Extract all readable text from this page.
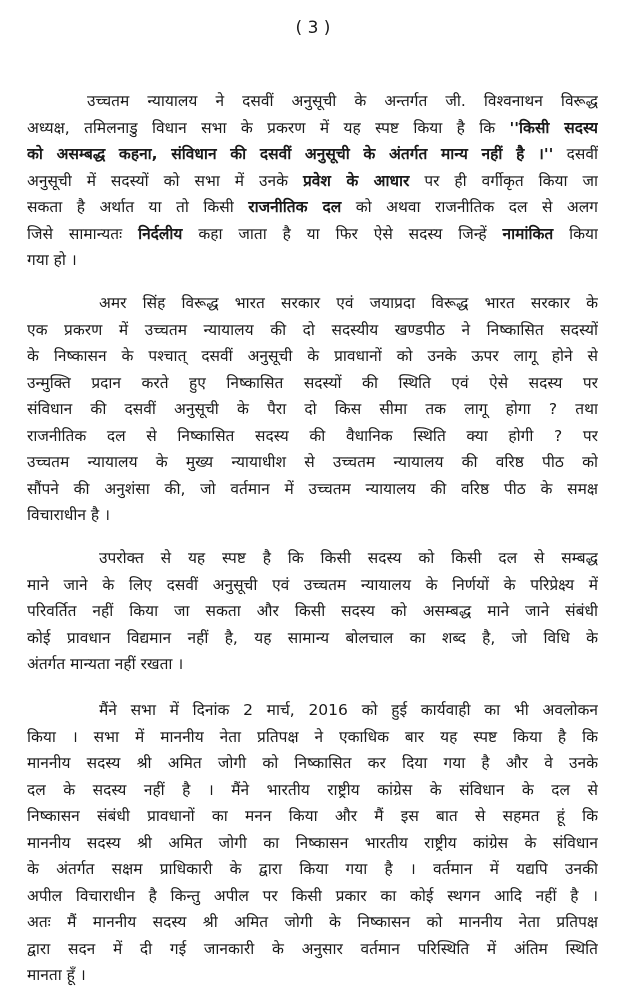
( 3 )
उच्चतम न्यायालय ने दसवीं अनुसूची के अन्तर्गत जी. विश्वनाथन विरूद्ध
अध्यक्ष, तमिलनाडु विधान सभा के प्रकरण में यह स्पष्ट किया है कि ''किसी सदस्य
को असम्बद्ध कहना, संविधान की दसवीं अनुसूची के अंतर्गत मान्य नहीं है ।'' दसवीं
अनुसूची में सदस्यों को सभा में उनके प्रवेश के आधार पर ही वर्गीकृत किया जा
सकता है अर्थात या तो किसी राजनीतिक दल को अथवा राजनीतिक दल से अलग
जिसे सामान्यतः निर्दलीय कहा जाता है या फिर ऐसे सदस्य जिन्हें नामांकित किया
गया हो ।
अमर सिंह विरूद्ध भारत सरकार एवं जयाप्रदा विरूद्ध भारत सरकार के
एक प्रकरण में उच्चतम न्यायालय की दो सदस्यीय खण्डपीठ ने निष्कासित सदस्यों
के निष्कासन के पश्चात् दसवीं अनुसूची के प्रावधानों को उनके ऊपर लागू होने से
उन्मुक्ति प्रदान करते हुए निष्कासित सदस्यों की स्थिति एवं ऐसे सदस्य पर
संविधान की दसवीं अनुसूची के पैरा दो किस सीमा तक लागू होगा ? तथा
राजनीतिक दल से निष्कासित सदस्य की वैधानिक स्थिति क्या होगी ? पर
उच्चतम न्यायालय के मुख्य न्यायाधीश से उच्चतम न्यायालय की वरिष्ठ पीठ को
सौंपने की अनुशंसा की, जो वर्तमान में उच्चतम न्यायालय की वरिष्ठ पीठ के समक्ष
विचाराधीन है ।
उपरोक्त से यह स्पष्ट है कि किसी सदस्य को किसी दल से सम्बद्ध
माने जाने के लिए दसवीं अनुसूची एवं उच्चतम न्यायालय के निर्णयों के परिप्रेक्ष्य में
परिवर्तित नहीं किया जा सकता और किसी सदस्य को असम्बद्ध माने जाने संबंधी
कोई प्रावधान विद्यमान नहीं है, यह सामान्य बोलचाल का शब्द है, जो विधि के
अंतर्गत मान्यता नहीं रखता ।
मैंने सभा में दिनांक 2 मार्च, 2016 को हुई कार्यवाही का भी अवलोकन
किया । सभा में माननीय नेता प्रतिपक्ष ने एकाधिक बार यह स्पष्ट किया है कि
माननीय सदस्य श्री अमित जोगी को निष्कासित कर दिया गया है और वे उनके
दल के सदस्य नहीं है । मैंने भारतीय राष्ट्रीय कांग्रेस के संविधान के दल से
निष्कासन संबंधी प्रावधानों का मनन किया और मैं इस बात से सहमत हूं कि
माननीय सदस्य श्री अमित जोगी का निष्कासन भारतीय राष्ट्रीय कांग्रेस के संविधान
के अंतर्गत सक्षम प्राधिकारी के द्वारा किया गया है । वर्तमान में यद्यपि उनकी
अपील विचाराधीन है किन्तु अपील पर किसी प्रकार का कोई स्थगन आदि नहीं है ।
अतः मैं माननीय सदस्य श्री अमित जोगी के निष्कासन को माननीय नेता प्रतिपक्ष
द्वारा सदन में दी गई जानकारी के अनुसार वर्तमान परिस्थिति में अंतिम स्थिति
मानता हूँ ।
